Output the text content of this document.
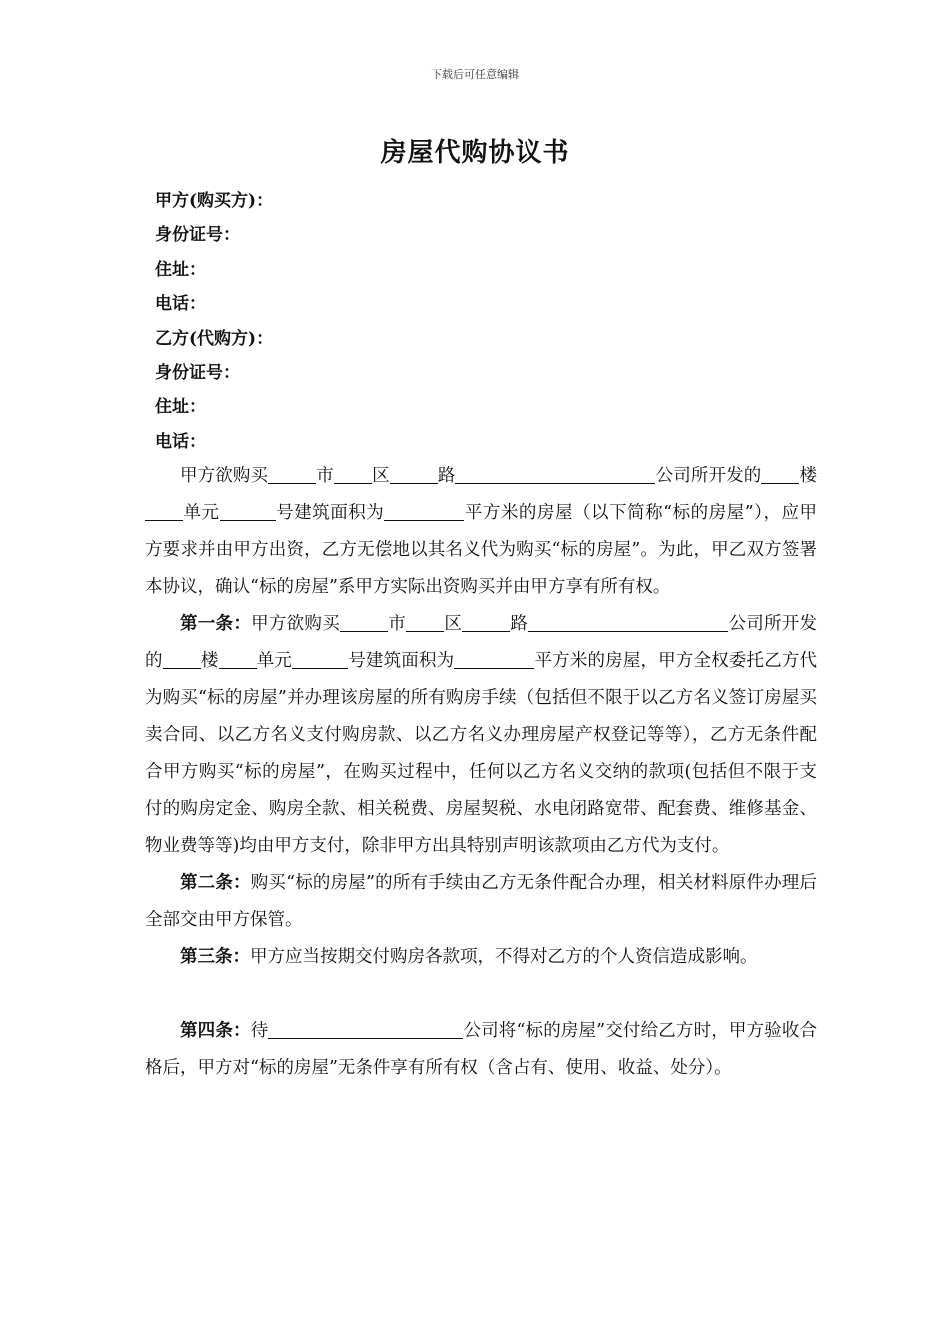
下载后可任意编辑
房屋代购协议书
甲方(购买方)：
身份证号：
住址：
电话：
乙方(代购方)：
身份证号：
住址：
电话：

甲方欲购买	市 区	路	公司所开发的 楼单元	号建筑面积为	平方米的房屋（以下简称“标的房屋”），应甲方要求并由甲方出资，乙方无偿地以其名义代为购买“标的房屋”。为此，甲乙双方签署本协议，确认“标的房屋”系甲方实际出资购买并由甲方享有所有权。

第一条：甲方欲购买	市 区	路	公司所开发的 楼 单元	号建筑面积为	平方米的房屋，甲方全权委托乙方代为购买“标的房屋”并办理该房屋的所有购房手续（包括但不限于以乙方名义签订房屋买卖合同、以乙方名义支付购房款、以乙方名义办理房屋产权登记等等），乙方无条件配合甲方购买“标的房屋”，在购买过程中，任何以乙方名义交纳的款项(包括但不限于支付的购房定金、购房全款、相关税费、房屋契税、水电闭路宽带、配套费、维修基金、物业费等等)均由甲方支付，除非甲方出具特别声明该款项由乙方代为支付。

第二条：购买“标的房屋”的所有手续由乙方无条件配合办理，相关材料原件办理后全部交由甲方保管。

第三条：甲方应当按期交付购房各款项，不得对乙方的个人资信造成影响。

第四条：待	公司将“标的房屋”交付给乙方时，甲方验收合格后，甲方对“标的房屋”无条件享有所有权（含占有、使用、收益、处分）。
